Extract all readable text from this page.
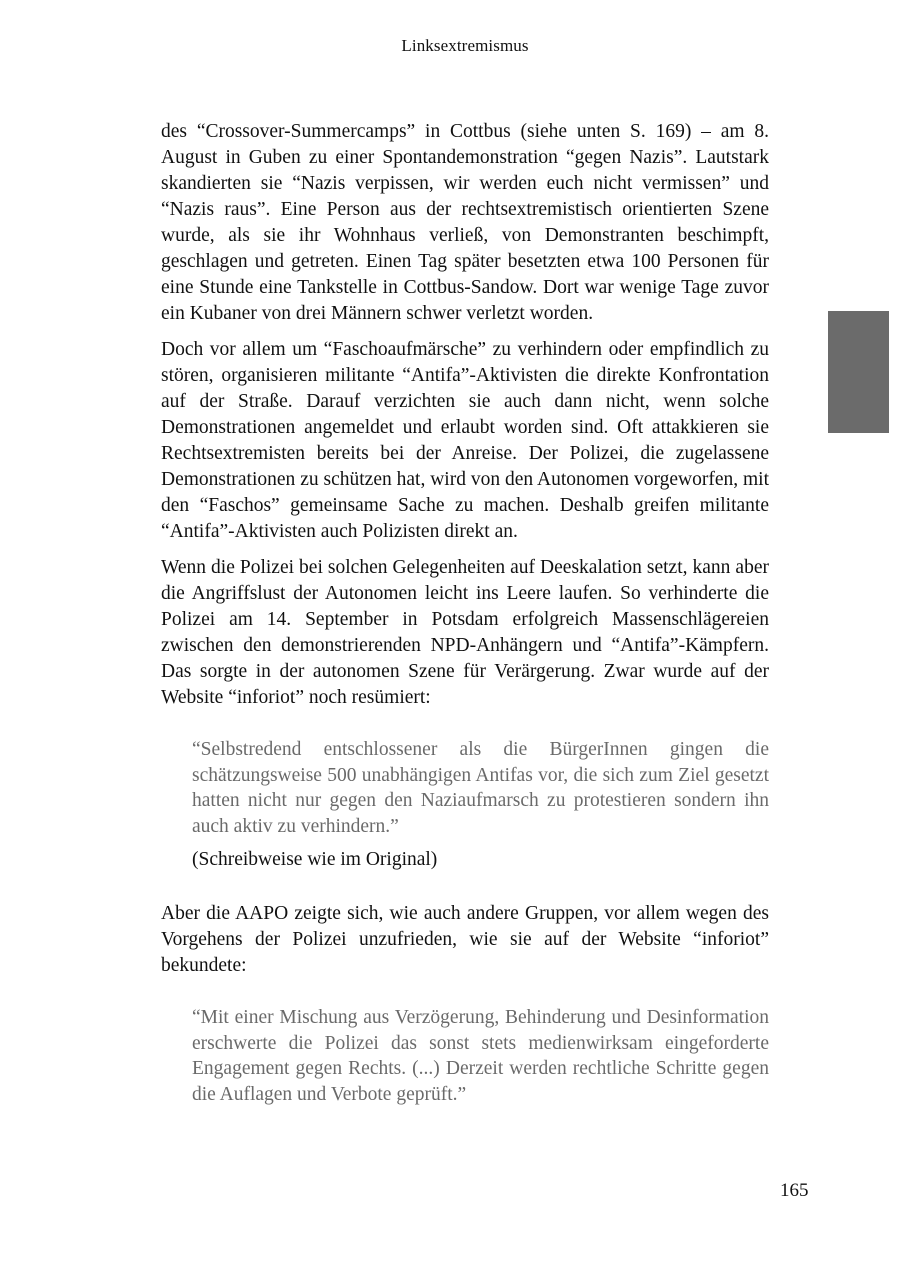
Linksextremismus

des “Crossover-Summercamps” in Cottbus (siehe unten S. 169) – am 8. August in Guben zu einer Spontandemonstration “gegen Nazis”. Lautstark skandierten sie “Nazis verpissen, wir werden euch nicht vermissen” und “Nazis raus”. Eine Person aus der rechtsextremistisch orientierten Szene wurde, als sie ihr Wohnhaus verließ, von Demonstranten beschimpft, geschlagen und getreten. Einen Tag später besetzten etwa 100 Personen für eine Stunde eine Tankstelle in Cottbus-Sandow. Dort war wenige Tage zuvor ein Kubaner von drei Männern schwer verletzt worden.

Doch vor allem um “Faschoaufmärsche” zu verhindern oder empfindlich zu stören, organisieren militante “Antifa”-Aktivisten die direkte Konfrontation auf der Straße. Darauf verzichten sie auch dann nicht, wenn solche Demonstrationen angemeldet und erlaubt worden sind. Oft attakkieren sie Rechtsextremisten bereits bei der Anreise. Der Polizei, die zugelassene Demonstrationen zu schützen hat, wird von den Autonomen vorgeworfen, mit den “Faschos” gemeinsame Sache zu machen. Deshalb greifen militante “Antifa”-Aktivisten auch Polizisten direkt an.

Wenn die Polizei bei solchen Gelegenheiten auf Deeskalation setzt, kann aber die Angriffslust der Autonomen leicht ins Leere laufen. So verhinderte die Polizei am 14. September in Potsdam erfolgreich Massenschlägereien zwischen den demonstrierenden NPD-Anhängern und “Antifa”-Kämpfern. Das sorgte in der autonomen Szene für Verärgerung. Zwar wurde auf der Website “inforiot” noch resümiert:

“Selbstredend entschlossener als die BürgerInnen gingen die schätzungsweise 500 unabhängigen Antifas vor, die sich zum Ziel gesetzt hatten nicht nur gegen den Naziaufmarsch zu protestieren sondern ihn auch aktiv zu verhindern.”

(Schreibweise wie im Original)

Aber die AAPO zeigte sich, wie auch andere Gruppen, vor allem wegen des Vorgehens der Polizei unzufrieden, wie sie auf der Website “inforiot” bekundete:

“Mit einer Mischung aus Verzögerung, Behinderung und Desinformation erschwerte die Polizei das sonst stets medienwirksam eingeforderte Engagement gegen Rechts. (...) Derzeit werden rechtliche Schritte gegen die Auflagen und Verbote geprüft.”

165
